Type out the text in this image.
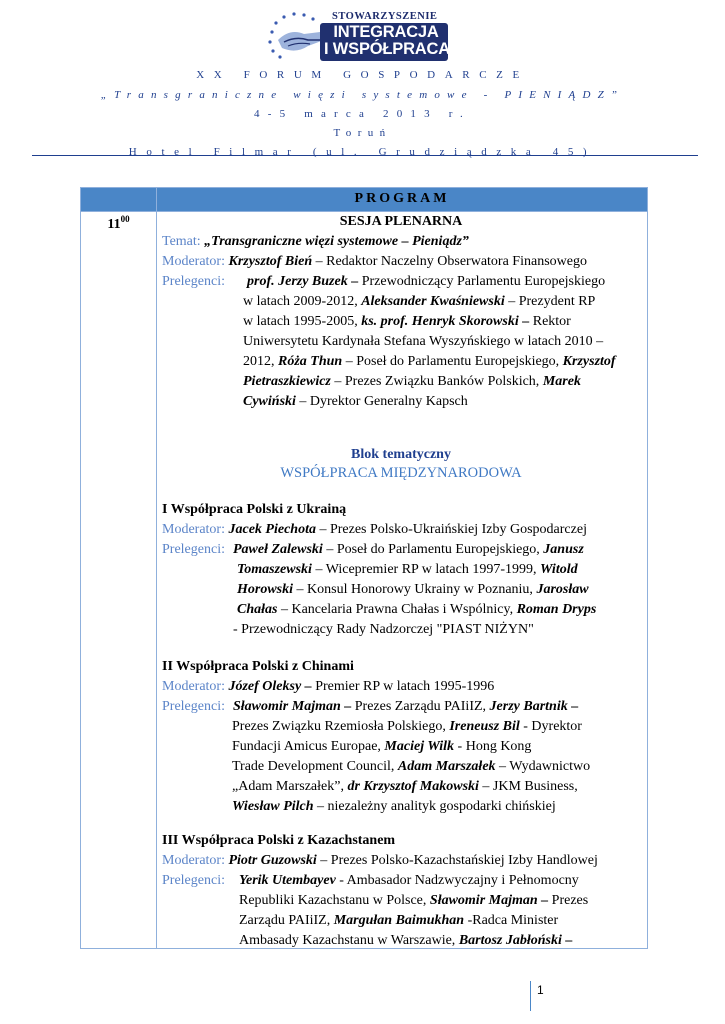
STOWARZYSZENIE
INTEGRACJA
I WSPÓŁPRACA
XX FORUM GOSPODARCZE
„Transgraniczne więzi systemowe - PIENIĄDZ”
4-5 marca 2013 r.
Toruń
Hotel Filmar (ul. Grudziądzka 45)
PROGRAM
$11^{00}$	SESJA PLENARNA
Temat: „Transgraniczne więzi systemowe – Pieniądz”
Moderator: Krzysztof Bień – Redaktor Naczelny Obserwatora Finansowego
Prelegenci: prof. Jerzy Buzek – Przewodniczący Parlamentu Europejskiego
w latach 2009-2012, Aleksander Kwaśniewski – Prezydent RP
w latach 1995-2005, ks. prof. Henryk Skorowski – Rektor
Uniwersytetu Kardynała Stefana Wyszyńskiego w latach 2010 –
2012, Róża Thun – Poseł do Parlamentu Europejskiego, Krzysztof
Pietraszkiewicz – Prezes Związku Banków Polskich, Marek
Cywiński – Dyrektor Generalny Kapsch
Blok tematyczny
WSPÓŁPRACA MIĘDZYNARODOWA
I Współpraca Polski z Ukrainą
Moderator: Jacek Piechota – Prezes Polsko-Ukraińskiej Izby Gospodarczej
Prelegenci: Paweł Zalewski – Poseł do Parlamentu Europejskiego, Janusz
Tomaszewski – Wicepremier RP w latach 1997-1999, Witold
Horowski – Konsul Honorowy Ukrainy w Poznaniu, Jarosław
Chałas – Kancelaria Prawna Chałas i Wspólnicy, Roman Dryps
- Przewodniczący Rady Nadzorczej "PIAST NIŻYN"
II Współpraca Polski z Chinami
Moderator: Józef Oleksy – Premier RP w latach 1995-1996
Prelegenci: Sławomir Majman – Prezes Zarządu PAIiIZ, Jerzy Bartnik –
Prezes Związku Rzemiosła Polskiego, Ireneusz Bil - Dyrektor
Fundacji Amicus Europae, Maciej Wilk - Hong Kong
Trade Development Council, Adam Marszałek – Wydawnictwo
„Adam Marszałek”, dr Krzysztof Makowski – JKM Business,
Wiesław Pilch – niezależny analityk gospodarki chińskiej
III Współpraca Polski z Kazachstanem
Moderator: Piotr Guzowski – Prezes Polsko-Kazachstańskiej Izby Handlowej
Prelegenci: Yerik Utembayev - Ambasador Nadzwyczajny i Pełnomocny
Republiki Kazachstanu w Polsce, Sławomir Majman – Prezes
Zarządu PAIiIZ, Margułan Baimukhan -Radca Minister
Ambasady Kazachstanu w Warszawie, Bartosz Jabłoński –
1
